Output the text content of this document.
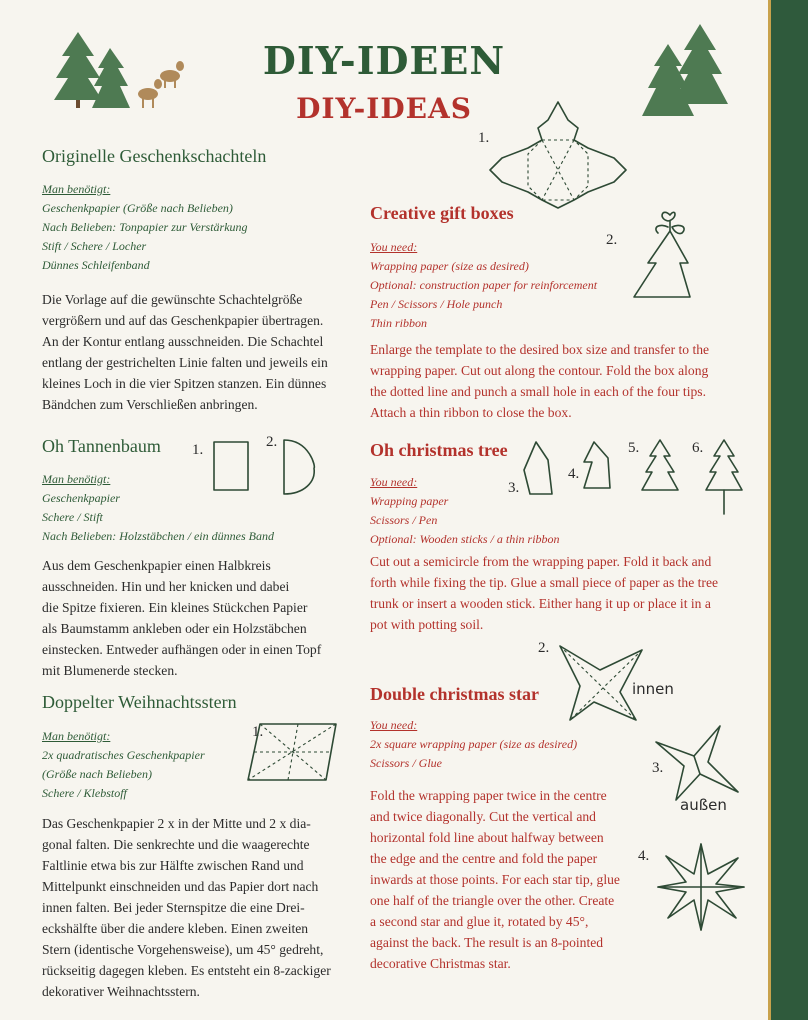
DIY-IDEEN
DIY-IDEAS
Originelle Geschenkschachteln
Man benötigt:
Geschenkpapier (Größe nach Belieben)
Nach Belieben: Tonpapier zur Verstärkung
Stift / Schere / Locher
Dünnes Schleifenband
Die Vorlage auf die gewünschte Schachtelgröße
vergrößern und auf das Geschenkpapier übertragen.
An der Kontur entlang ausschneiden. Die Schachtel
entlang der gestrichelten Linie falten und jeweils ein
kleines Loch in die vier Spitzen stanzen. Ein dünnes
Bändchen zum Verschließen anbringen.
1.
2.
Creative gift boxes
You need:
Wrapping paper (size as desired)
Optional: construction paper for reinforcement
Pen / Scissors / Hole punch
Thin ribbon
Enlarge the template to the desired box size and transfer to the
wrapping paper. Cut out along the contour. Fold the box along
the dotted line and punch a small hole in each of the four tips.
Attach a thin ribbon to close the box.
Oh Tannenbaum 1.	2.
Man benötigt:
Geschenkpapier
Schere / Stift
Nach Belieben: Holzstäbchen / ein dünnes Band
Aus dem Geschenkpapier einen Halbkreis
ausschneiden. Hin und her knicken und dabei
die Spitze fixieren. Ein kleines Stückchen Papier
als Baumstamm ankleben oder ein Holzstäbchen
einstecken. Entweder aufhängen oder in einen Topf
mit Blumenerde stecken.
Oh christmas tree
You need:
Wrapping paper
Scissors / Pen
Optional: Wooden sticks / a thin ribbon
3.
4.
5.	6.
Cut out a semicircle from the wrapping paper. Fold it back and
forth while fixing the tip. Glue a small piece of paper as the tree
trunk or insert a wooden stick. Either hang it up or place it in a
pot with potting soil.
Doppelter Weihnachtsstern
Man benötigt:
2x quadratisches Geschenkpapier
(Größe nach Belieben)
Schere / Klebstoff
1.
Das Geschenkpapier 2 x in der Mitte und 2 x dia-
gonal falten. Die senkrechte und die waagerechte
Faltlinie etwa bis zur Hälfte zwischen Rand und
Mittelpunkt einschneiden und das Papier dort nach
innen falten. Bei jeder Sternspitze die eine Drei-
eckshälfte über die andere kleben. Einen zweiten
Stern (identische Vorgehensweise), um 45° gedreht,
rückseitig dagegen kleben. Es entsteht ein 8-zackiger
dekorativer Weihnachtsstern.
2.
innen
Double christmas star
You need:
2x square wrapping paper (size as desired)
Scissors / Glue	3.
außen
4.
Fold the wrapping paper twice in the centre
and twice diagonally. Cut the vertical and
horizontal fold line about halfway between
the edge and the centre and fold the paper
inwards at those points. For each star tip, glue
one half of the triangle over the other. Create
a second star and glue it, rotated by 45°,
against the back. The result is an 8-pointed
decorative Christmas star.
